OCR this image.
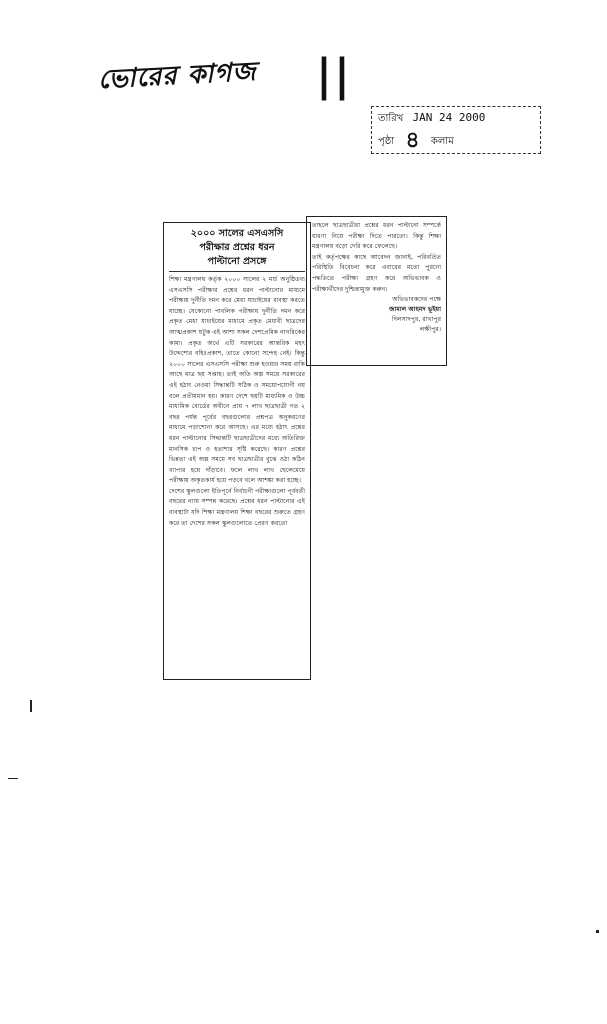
ভোরের কাগজ ||
তারিখ JAN 24 2000
পৃষ্ঠা ৪ কলাম
২০০০ সালের এসএসসি
পরীক্ষার প্রশ্নের ধরন
পাল্টানো প্রসঙ্গে

শিক্ষা মন্ত্রণালয় কর্তৃক ২০০০ সালের ২ মার্চ অনুষ্ঠিতব্য এসএসসি পরীক্ষার প্রশ্নের ধরন পাল্টানোর মাধ্যমে পরীক্ষায় দুর্নীতি দমন করে মেধা যাচাইয়ের ব্যবস্থা করতে যাচ্ছে। যেকোনো পাবলিক পরীক্ষায় দুর্নীতি দমন করে প্রকৃত মেধা যাচাইয়ের মাধ্যমে প্রকৃত মেধাবী ছাত্রদের আত্মপ্রকাশ ঘটুক এই আশা সকল দেশপ্রেমিক নাগরিকের কাম্য। প্রকৃত অর্থে এটি সরকারের আন্তরিক মহৎ উদ্দেশ্যের বহিঃপ্রকাশ, তাতে কোনো সন্দেহ নেই। কিন্তু ২০০০ সালের এসএসসি পরীক্ষা শুরু হওয়ার সময় বাকি আছে মাত্র ছয় সপ্তাহ। তাই অতি অল্প সময়ে সরকারের এই হঠাৎ নেওয়া সিদ্ধান্তটি সঠিক ও সময়োপযোগী নয় বলে প্রতীয়মান হয়। কারণ দেশে ছয়টি মাধ্যমিক ও উচ্চ মাধ্যমিক বোর্ডের অধীনে প্রায় ৭ লাখ ছাত্রছাত্রী গত ২ বছর পর্যন্ত পূর্বের বছরগুলোর প্রশ্নপত্র অনুকরণের মাধ্যমে পড়াশোনা করে আসছে। এর মধ্যে হঠাৎ প্রশ্নের ধরন পাল্টানোর সিদ্ধান্তটি ছাত্রছাত্রীদের মধ্যে অতিরিক্ত মানসিক চাপ ও হতাশার সৃষ্টি করেছে। কারণ প্রশ্নের ভিন্নতা এই অল্প সময়ে সব ছাত্রছাত্রীর বুঝে ওঠা কঠিন ব্যাপার হয়ে দাঁড়াবে। ফলে লাখ লাখ ছেলেমেয়ে পরীক্ষায় অকৃতকার্য হয়ে পড়বে বলে আশঙ্কা করা হচ্ছে।

দেশের স্কুলগুলো ইতিপূর্বে নির্বাচনী পরীক্ষাগুলো পূর্ববর্তী বছরের ন্যায় সম্পন্ন করেছে। প্রশ্নের ধরন পাল্টানোর এই ব্যবস্থাটা যদি শিক্ষা মন্ত্রণালয় শিক্ষা বছরের শুরুতে গ্রহণ করে তা দেশের সকল স্কুলগুলোতে প্রেরণ করতো

তাহলে ছাত্রছাত্রীরা প্রশ্নের ধরন পাল্টানো সম্পর্কে ধারণা নিয়ে পরীক্ষা দিতে পারতো। কিন্তু শিক্ষা মন্ত্রণালয় বড়ো দেরি করে ফেলেছে।

তাই কর্তৃপক্ষের কাছে আবেদন জানাই, পরিবর্তিত পরিস্থিতি বিবেচনা করে এবারের মতো পুরনো পদ্ধতিতে পরীক্ষা গ্রহণ করে অভিভাবক ও পরীক্ষার্থীদের দুশ্চিন্তামুক্ত করুন।

অভিভাবকদের পক্ষে

জামাল আহমদ ভূইয়া

দিলসাদপুর, রাখাপুর

লক্ষীপুর।
